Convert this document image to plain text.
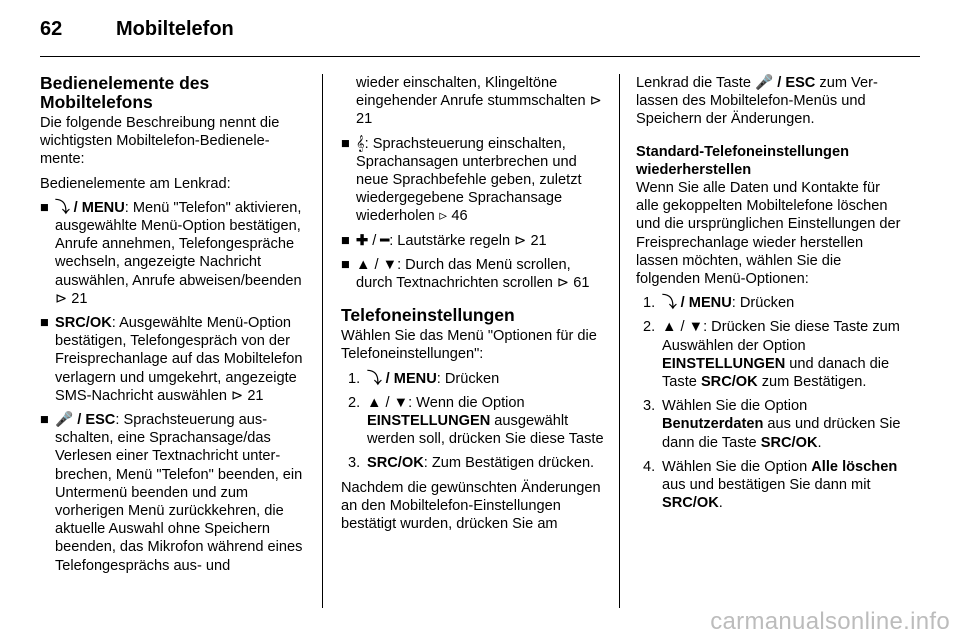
62	Mobiltelefon
Bedienelemente des Mobiltelefons

Die folgende Beschreibung nennt die wichtigsten Mobiltelefon-Bedienelemente:

Bedienelemente am Lenkrad:

■ ⤵ / MENU: Menü "Telefon" aktivieren, ausgewählte Menü-Option bestätigen, Anrufe annehmen, Telefongespräche wechseln, angezeigte Nachricht auswählen, Anrufe abweisen/beenden ⊳ 21
■ SRC/OK: Ausgewählte Menü-Option bestätigen, Telefongespräch von der Freisprechanlage auf das Mobiltelefon verlagern und umgekehrt, angezeigte SMS-Nachricht auswählen ⊳ 21
■ 🎤 / ESC: Sprachsteuerung ausschalten, eine Sprachansage/das Verlesen einer Textnachricht unterbrechen, Menü "Telefon" beenden, ein Untermenü beenden und zum vorherigen Menü zurückkehren, die aktuelle Auswahl ohne Speichern beenden, das Mikrofon während eines Telefongesprächs aus- und
wieder einschalten, Klingeltöne eingehender Anrufe stummschalten ⊳ 21
■ 𝄞: Sprachsteuerung einschalten, Sprachansagen unterbrechen und neue Sprachbefehle geben, zuletzt wiedergegebene Sprachansage wiederholen ⊳ 46
■ ✚ / ━: Lautstärke regeln ⊳ 21
■ ▲ / ▼: Durch das Menü scrollen, durch Textnachrichten scrollen ⊳ 61
Telefoneinstellungen

Wählen Sie das Menü "Optionen für die Telefoneinstellungen":

1. ⤵ / MENU: Drücken
2. ▲ / ▼: Wenn die Option EINSTELLUNGEN ausgewählt werden soll, drücken Sie diese Taste
3. SRC/OK: Zum Bestätigen drücken.

Nachdem die gewünschten Änderungen an den Mobiltelefon-Einstellungen bestätigt wurden, drücken Sie am

Lenkrad die Taste 🎤 / ESC zum Verlassen des Mobiltelefon-Menüs und Speichern der Änderungen.

Standard-Telefoneinstellungen wiederherstellen

Wenn Sie alle Daten und Kontakte für alle gekoppelten Mobiltelefone löschen und die ursprünglichen Einstellungen der Freisprechanlage wieder herstellen lassen möchten, wählen Sie die folgenden Menü-Optionen:

1. ⤵ / MENU: Drücken
2. ▲ / ▼: Drücken Sie diese Taste zum Auswählen der Option EINSTELLUNGEN und danach die Taste SRC/OK zum Bestätigen.
3. Wählen Sie die Option Benutzerdaten aus und drücken Sie dann die Taste SRC/OK.
4. Wählen Sie die Option Alle löschen aus und bestätigen Sie dann mit SRC/OK.
carmanualsonline.info
